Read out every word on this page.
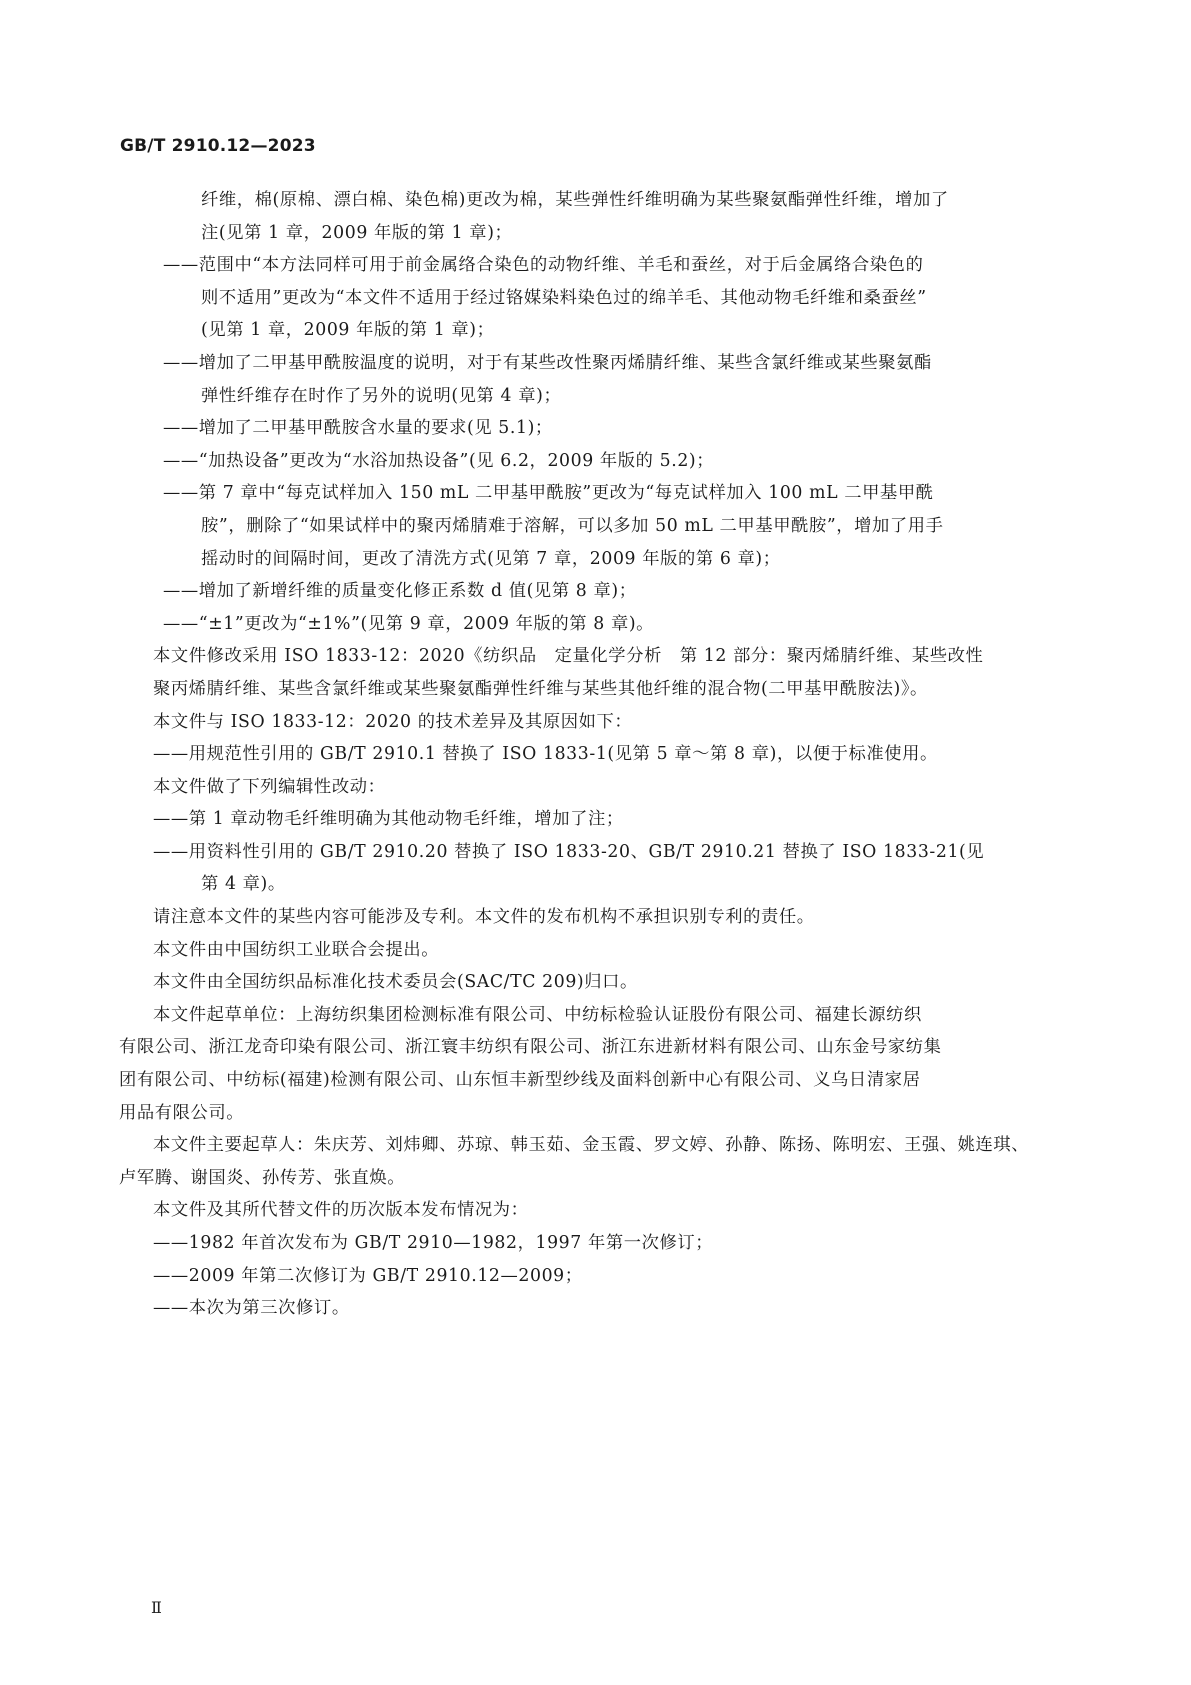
GB/T 2910.12—2023
纤维，棉(原棉、漂白棉、染色棉)更改为棉，某些弹性纤维明确为某些聚氨酯弹性纤维，增加了
注(见第 1 章，2009 年版的第 1 章)；
——范围中“本方法同样可用于前金属络合染色的动物纤维、羊毛和蚕丝，对于后金属络合染色的
则不适用”更改为“本文件不适用于经过铬媒染料染色过的绵羊毛、其他动物毛纤维和桑蚕丝”
(见第 1 章，2009 年版的第 1 章)；
——增加了二甲基甲酰胺温度的说明，对于有某些改性聚丙烯腈纤维、某些含氯纤维或某些聚氨酯
弹性纤维存在时作了另外的说明(见第 4 章)；
——增加了二甲基甲酰胺含水量的要求(见 5.1)；
——“加热设备”更改为“水浴加热设备”(见 6.2，2009 年版的 5.2)；
——第 7 章中“每克试样加入 150 mL 二甲基甲酰胺”更改为“每克试样加入 100 mL 二甲基甲酰
胺”，删除了“如果试样中的聚丙烯腈难于溶解，可以多加 50 mL 二甲基甲酰胺”，增加了用手
摇动时的间隔时间，更改了清洗方式(见第 7 章，2009 年版的第 6 章)；
——增加了新增纤维的质量变化修正系数 d 值(见第 8 章)；
——“±1”更改为“±1%”(见第 9 章，2009 年版的第 8 章)。
本文件修改采用 ISO 1833-12：2020《纺织品　定量化学分析　第 12 部分：聚丙烯腈纤维、某些改性
聚丙烯腈纤维、某些含氯纤维或某些聚氨酯弹性纤维与某些其他纤维的混合物(二甲基甲酰胺法)》。
本文件与 ISO 1833-12：2020 的技术差异及其原因如下：
——用规范性引用的 GB/T 2910.1 替换了 ISO 1833-1(见第 5 章～第 8 章)，以便于标准使用。
本文件做了下列编辑性改动：
——第 1 章动物毛纤维明确为其他动物毛纤维，增加了注；
——用资料性引用的 GB/T 2910.20 替换了 ISO 1833-20、GB/T 2910.21 替换了 ISO 1833-21(见
第 4 章)。
请注意本文件的某些内容可能涉及专利。本文件的发布机构不承担识别专利的责任。
本文件由中国纺织工业联合会提出。
本文件由全国纺织品标准化技术委员会(SAC/TC 209)归口。
本文件起草单位：上海纺织集团检测标准有限公司、中纺标检验认证股份有限公司、福建长源纺织
有限公司、浙江龙奇印染有限公司、浙江寰丰纺织有限公司、浙江东进新材料有限公司、山东金号家纺集
团有限公司、中纺标(福建)检测有限公司、山东恒丰新型纱线及面料创新中心有限公司、义乌日清家居
用品有限公司。
本文件主要起草人：朱庆芳、刘炜卿、苏琼、韩玉茹、金玉霞、罗文婷、孙静、陈扬、陈明宏、王强、姚连琪、
卢军腾、谢国炎、孙传芳、张直焕。
本文件及其所代替文件的历次版本发布情况为：
——1982 年首次发布为 GB/T 2910—1982，1997 年第一次修订；
——2009 年第二次修订为 GB/T 2910.12—2009；
——本次为第三次修订。
Ⅱ
